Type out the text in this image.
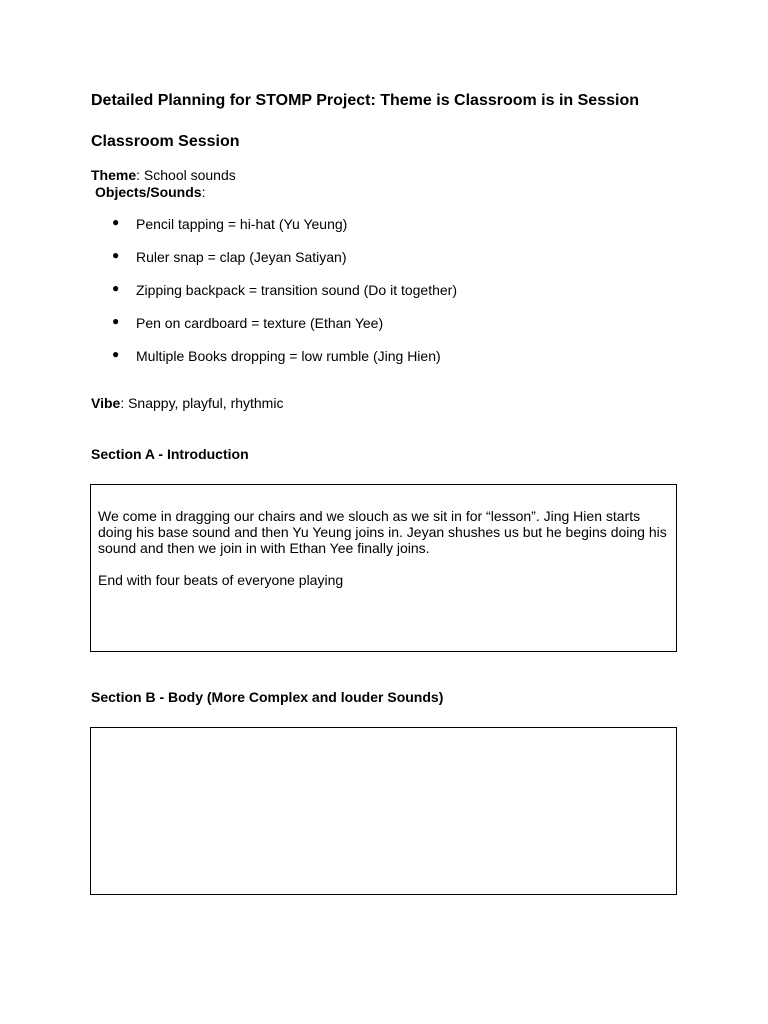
Detailed Planning for STOMP Project: Theme is Classroom is in Session
Classroom Session
Theme: School sounds
Objects/Sounds:
● Pencil tapping = hi-hat (Yu Yeung)
● Ruler snap = clap (Jeyan Satiyan)
● Zipping backpack = transition sound (Do it together)
● Pen on cardboard = texture (Ethan Yee)
● Multiple Books dropping = low rumble (Jing Hien)
Vibe: Snappy, playful, rhythmic
Section A - Introduction
We come in dragging our chairs and we slouch as we sit in for “lesson”. Jing Hien starts doing his base sound and then Yu Yeung joins in. Jeyan shushes us but he begins doing his sound and then we join in with Ethan Yee finally joins.
End with four beats of everyone playing
Section B - Body (More Complex and louder Sounds)
